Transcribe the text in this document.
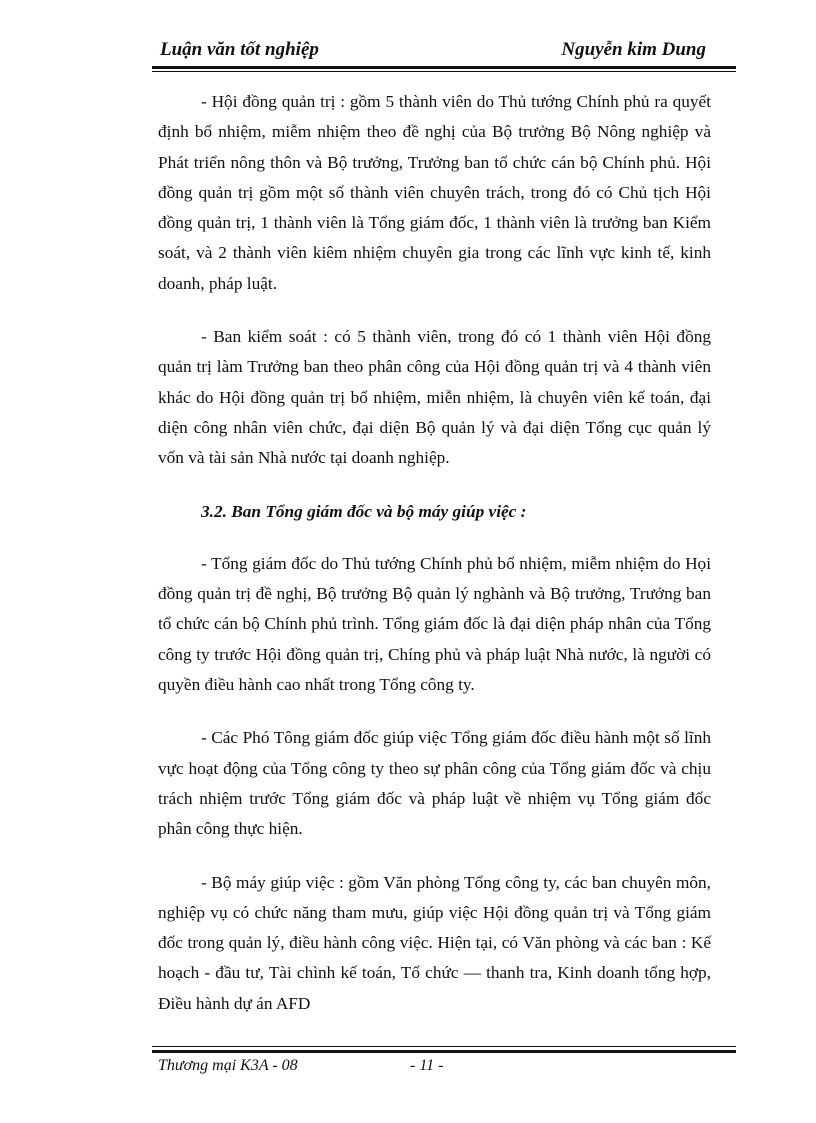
Luận văn tốt nghiệp	Nguyễn kim Dung

- Hội đồng quản trị : gồm 5 thành viên do Thủ tướng Chính phủ ra quyết định bổ nhiệm, miễm nhiệm theo đề nghị của Bộ trưởng Bộ Nông nghiệp và Phát triển nông thôn và Bộ trưởng, Trưởng ban tổ chức cán bộ Chính phủ. Hội đồng quản trị gồm một số thành viên chuyên trách, trong đó có Chủ tịch Hội đồng quản trị, 1 thành viên là Tổng giám đốc, 1 thành viên là trưởng ban Kiểm soát, và 2 thành viên kiêm nhiệm chuyên gia trong các lĩnh vực kinh tế, kinh doanh, pháp luật.

- Ban kiểm soát : có 5 thành viên, trong đó có 1 thành viên Hội đồng quản trị làm Trưởng ban theo phân công của Hội đồng quản trị và 4 thành viên khác do Hội đồng quản trị bổ nhiệm, miễn nhiệm, là chuyên viên kế toán, đại diện công nhân viên chức, đại diện Bộ quản lý và đại diện Tổng cục quản lý vốn và tài sản Nhà nước tại doanh nghiệp.

3.2. Ban Tổng giám đốc và bộ máy giúp việc :

- Tổng giám đốc do Thủ tướng Chính phủ bổ nhiệm, miễm nhiệm do Họi đồng quản trị đề nghị, Bộ trưởng Bộ quản lý nghành và Bộ trưởng, Trưởng ban tổ chức cán bộ Chính phủ trình. Tổng giám đốc là đại diện pháp nhân của Tổng công ty trước Hội đồng quản trị, Chíng phủ và pháp luật Nhà nước, là người có quyền điều hành cao nhất trong Tổng công ty.

- Các Phó Tông giám đốc giúp việc Tổng giám đốc điều hành một số lĩnh vực hoạt động của Tổng công ty theo sự phân công của Tổng giám đốc và chịu trách nhiệm trước Tổng giám đốc và pháp luật về nhiệm vụ Tổng giám đốc phân công thực hiện.

- Bộ máy giúp việc : gồm Văn phòng Tổng công ty, các ban chuyên môn, nghiệp vụ có chức năng tham mưu, giúp việc Hội đồng quản trị và Tổng giám đốc trong quản lý, điều hành công việc. Hiện tại, có Văn phòng và các ban : Kế hoạch - đầu tư, Tài chình kế toán, Tổ chức — thanh tra, Kinh doanh tổng hợp, Điều hành dự án AFD

Thương mại K3A - 08	- 11 -
